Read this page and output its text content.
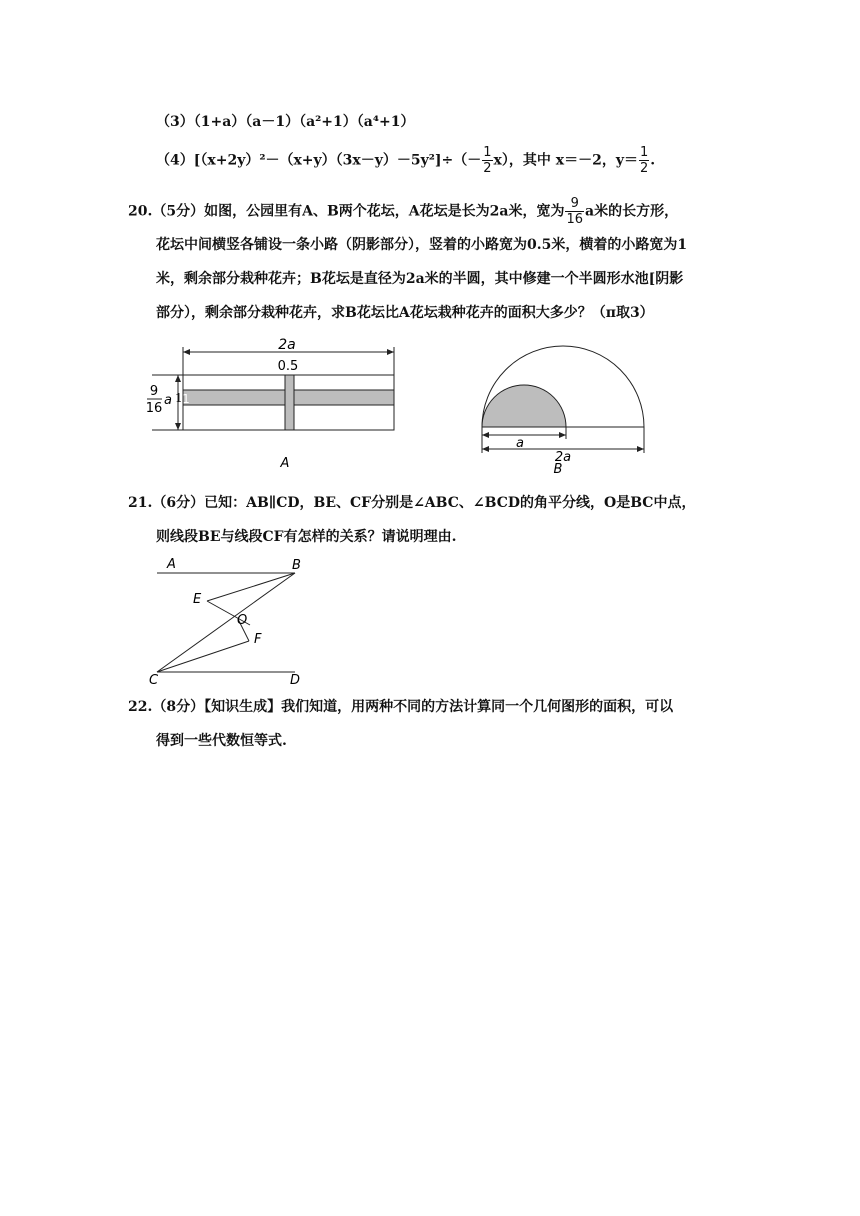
（3）（1+a）（a－1）（a²+1）（a⁴+1）
$(4)[(x+2y)^2-(x+y)(3x-y)-5y^2]\div(- \frac{1}{2} x)$，其中 x＝－2，$y= \frac{1}{2}$ .
20.（5分）如图，公园里有A、B两个花坛，A花坛是长为2a米，宽为 $\frac{9}{16}$ a米的长方形，
花坛中间横竖各铺设一条小路（阴影部分），竖着的小路宽为0.5米，横着的小路宽为1
米，剩余部分栽种花卉；B花坛是直径为2a米的半圆，其中修建一个半圆形水池[阴影
部分），剩余部分栽种花卉，求B花坛比A花坛栽种花卉的面积大多少？（π取3）
2a
0.5
9
16
a 1
A
1
a
2a
B
21.（6分）已知：AB∥CD，BE、CF分别是∠ABC、∠BCD的角平分线，O是BC中点，
则线段BE与线段CF有怎样的关系？请说明理由.
A	B
E
O
F
C	D
22.（8分）【知识生成】我们知道，用两种不同的方法计算同一个几何图形的面积，可以
得到一些代数恒等式.
